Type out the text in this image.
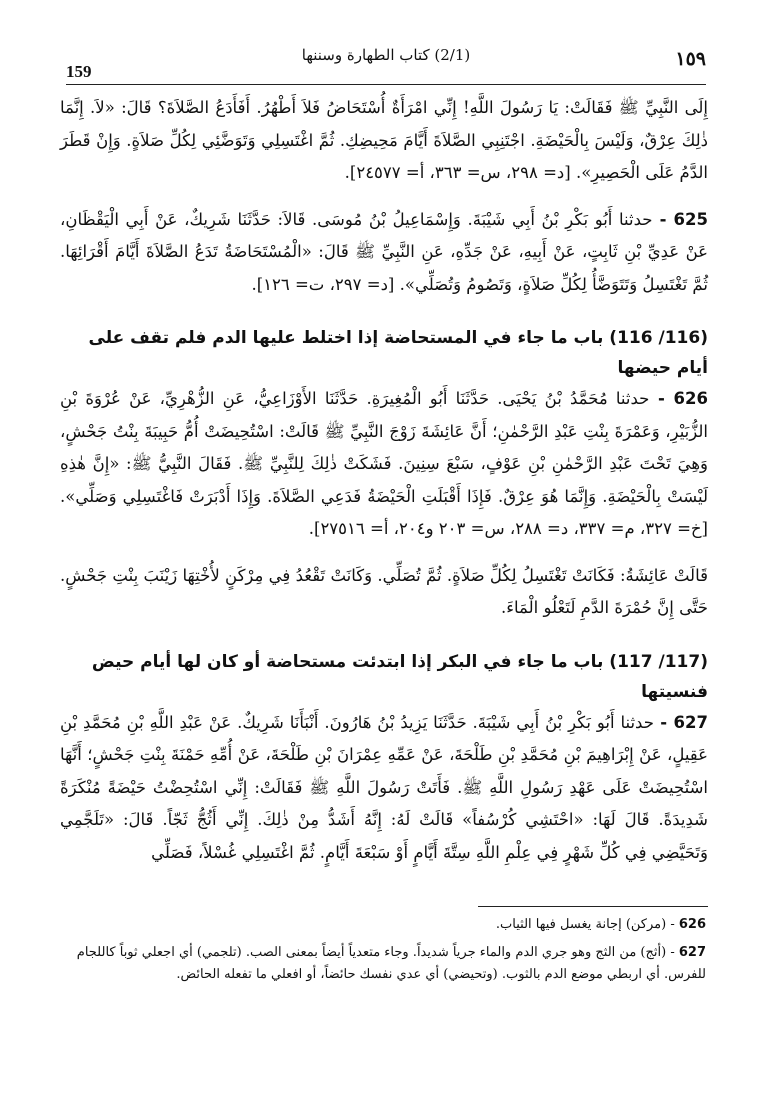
١٥٩
(2/1) كتاب الطهارة وسننها
159

إِلَى النَّبِيِّ ﷺ فَقَالَتْ: يَا رَسُولَ اللَّهِ! إِنِّي امْرَأَةٌ أُسْتَحَاضُ فَلاَ أَطْهُرُ. أَفَأَدَعُ الصَّلاَةَ؟ قَالَ: «لاَ. إِنَّمَا ذٰلِكَ عِرْقٌ، وَلَيْسَ بِالْحَيْضَةِ. اجْتَنِبِي الصَّلاَةَ أَيَّامَ مَحِيضِكِ. ثُمَّ اغْتَسِلِي وَتَوَضَّئِي لِكُلِّ صَلاَةٍ. وَإِنْ قَطَرَ الدَّمُ عَلَى الْحَصِيرِ». [د= ٢٩٨، س= ٣٦٣، أ= ٢٤٥٧٧].

625 - حدثنا أَبُو بَكْرِ بْنُ أَبِي شَيْبَةَ. وَإِسْمَاعِيلُ بْنُ مُوسَى. قَالاَ: حَدَّثَنَا شَرِيكٌ، عَنْ أَبِي الْيَقْظَانِ، عَنْ عَدِيِّ بْنِ ثَابِتٍ، عَنْ أَبِيهِ، عَنْ جَدِّهِ، عَنِ النَّبِيِّ ﷺ قَالَ: «الْمُسْتَحَاضَةُ تَدَعُ الصَّلاَةَ أَيَّامَ أَقْرَائِهَا. ثُمَّ تَغْتَسِلُ وَتَتَوَضَّأُ لِكُلِّ صَلاَةٍ، وَتَصُومُ وَتُصَلِّي». [د= ٢٩٧، ت= ١٢٦].

(116/ 116) باب ما جاء في المستحاضة إذا اختلط عليها الدم فلم تقف على أيام حيضها

626 - حدثنا مُحَمَّدُ بْنُ يَحْيَى. حَدَّثَنَا أَبُو الْمُغِيرَةِ. حَدَّثَنَا الأَوْزَاعِيُّ، عَنِ الزُّهْرِيِّ، عَنْ عُرْوَةَ بْنِ الزُّبَيْرِ، وَعَمْرَةَ بِنْتِ عَبْدِ الرَّحْمٰنِ؛ أَنَّ عَائِشَةَ زَوْجَ النَّبِيِّ ﷺ قَالَتْ: اسْتُحِيضَتْ أُمُّ حَبِيبَةَ بِنْتُ جَحْشٍ، وَهِيَ تَحْتَ عَبْدِ الرَّحْمٰنِ بْنِ عَوْفٍ، سَبْعَ سِنِينَ. فَشَكَتْ ذٰلِكَ لِلنَّبِيِّ ﷺ. فَقَالَ النَّبِيُّ ﷺ: «إِنَّ هٰذِهِ لَيْسَتْ بِالْحَيْضَةِ. وَإِنَّمَا هُوَ عِرْقٌ. فَإِذَا أَقْبَلَتِ الْحَيْضَةُ فَدَعِي الصَّلاَةَ. وَإِذَا أَدْبَرَتْ فَاغْتَسِلِي وَصَلِّي». [خ= ٣٢٧، م= ٣٣٧، د= ٢٨٨، س= ٢٠٣ و٢٠٤، أ= ٢٧٥١٦].

قَالَتْ عَائِشَةُ: فَكَانَتْ تَغْتَسِلُ لِكُلِّ صَلاَةٍ. ثُمَّ تُصَلِّي. وَكَانَتْ تَقْعُدُ فِي مِرْكَنٍ لأُخْتِهَا زَيْنَبَ بِنْتِ جَحْشٍ. حَتَّى إِنَّ حُمْرَةَ الدَّمِ لَتَعْلُو الْمَاءَ.

(117/ 117) باب ما جاء في البكر إذا ابتدئت مستحاضة أو كان لها أيام حيض فنسيتها

627 - حدثنا أَبُو بَكْرِ بْنُ أَبِي شَيْبَةَ. حَدَّثَنَا يَزِيدُ بْنُ هَارُونَ. أَنْبَأَنَا شَرِيكٌ. عَنْ عَبْدِ اللَّهِ بْنِ مُحَمَّدِ بْنِ عَقِيلٍ، عَنْ إِبْرَاهِيمَ بْنِ مُحَمَّدِ بْنِ طَلْحَةَ، عَنْ عَمِّهِ عِمْرَانَ بْنِ طَلْحَةَ، عَنْ أُمِّهِ حَمْنَةَ بِنْتِ جَحْشٍ؛ أَنَّهَا اسْتُحِيضَتْ عَلَى عَهْدِ رَسُولِ اللَّهِ ﷺ. فَأَتَتْ رَسُولَ اللَّهِ ﷺ فَقَالَتْ: إِنِّي اسْتُحِضْتُ حَيْضَةً مُنْكَرَةً شَدِيدَةً. قَالَ لَهَا: «احْتَشِي كُرْسُفاً» قَالَتْ لَهُ: إِنَّهُ أَشَدُّ مِنْ ذٰلِكَ. إِنِّي أَثُجُّ ثَجّاً. قَالَ: «تَلَجَّمِي وَتَحَيَّضِي فِي كُلِّ شَهْرٍ فِي عِلْمِ اللَّهِ سِتَّةَ أَيَّامٍ أَوْ سَبْعَةَ أَيَّامٍ. ثُمَّ اغْتَسِلِي غُسْلاً، فَصَلِّي

626 - (مركن) إجانة يغسل فيها الثياب.

627 - (أثج) من الثج وهو جري الدم والماء جرياً شديداً. وجاء متعدياً أيضاً بمعنى الصب. (تلجمي) أي اجعلي ثوباً كاللجام للفرس. أي اربطي موضع الدم بالثوب. (وتحيضي) أي عدي نفسك حائضاً، أو افعلي ما تفعله الحائض.
